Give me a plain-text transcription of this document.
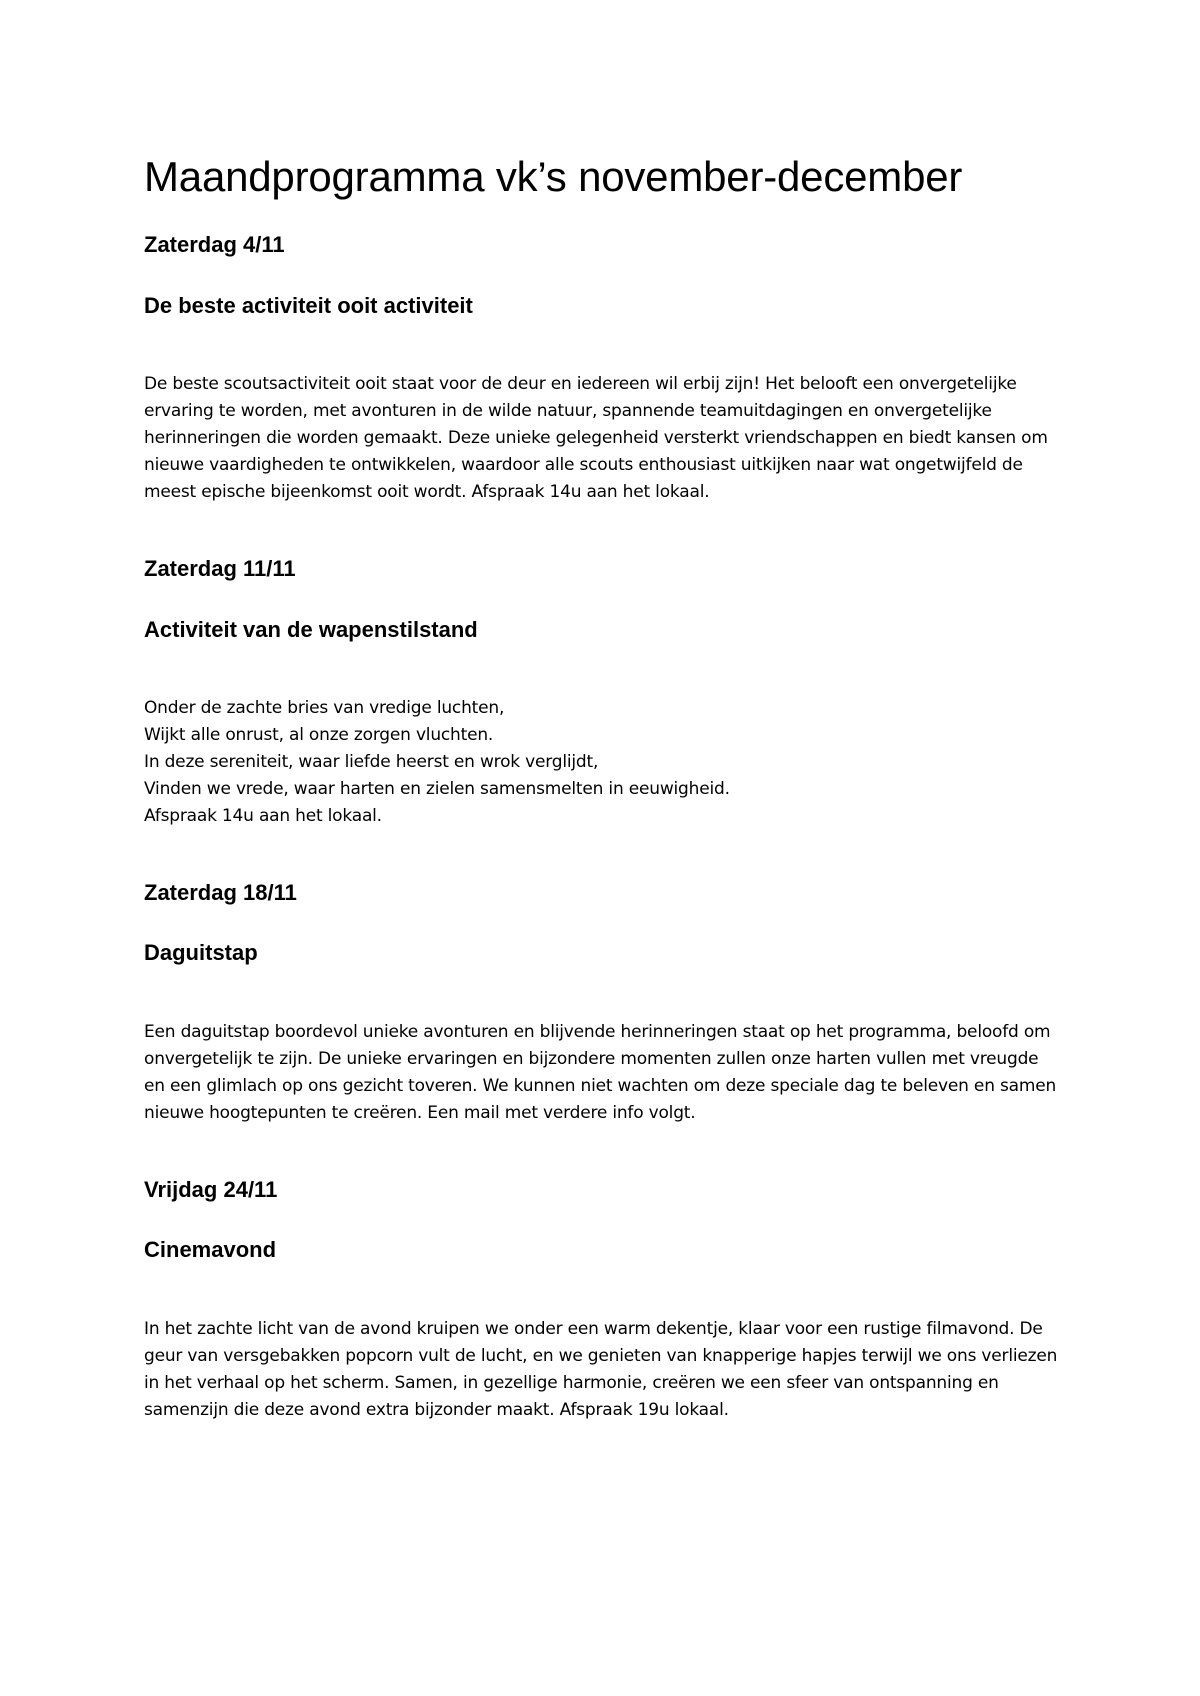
Maandprogramma vk’s november-december
Zaterdag 4/11
De beste activiteit ooit activiteit

De beste scoutsactiviteit ooit staat voor de deur en iedereen wil erbij zijn! Het belooft een onvergetelijke ervaring te worden, met avonturen in de wilde natuur, spannende teamuitdagingen en onvergetelijke herinneringen die worden gemaakt. Deze unieke gelegenheid versterkt vriendschappen en biedt kansen om nieuwe vaardigheden te ontwikkelen, waardoor alle scouts enthousiast uitkijken naar wat ongetwijfeld de meest epische bijeenkomst ooit wordt. Afspraak 14u aan het lokaal.

Zaterdag 11/11
Activiteit van de wapenstilstand

Onder de zachte bries van vredige luchten,
Wijkt alle onrust, al onze zorgen vluchten.
In deze sereniteit, waar liefde heerst en wrok verglijdt,
Vinden we vrede, waar harten en zielen samensmelten in eeuwigheid.
Afspraak 14u aan het lokaal.

Zaterdag 18/11
Daguitstap

Een daguitstap boordevol unieke avonturen en blijvende herinneringen staat op het programma, beloofd om onvergetelijk te zijn. De unieke ervaringen en bijzondere momenten zullen onze harten vullen met vreugde en een glimlach op ons gezicht toveren. We kunnen niet wachten om deze speciale dag te beleven en samen nieuwe hoogtepunten te creëren. Een mail met verdere info volgt.

Vrijdag 24/11
Cinemavond

In het zachte licht van de avond kruipen we onder een warm dekentje, klaar voor een rustige filmavond. De geur van versgebakken popcorn vult de lucht, en we genieten van knapperige hapjes terwijl we ons verliezen in het verhaal op het scherm. Samen, in gezellige harmonie, creëren we een sfeer van ontspanning en samenzijn die deze avond extra bijzonder maakt. Afspraak 19u lokaal.
